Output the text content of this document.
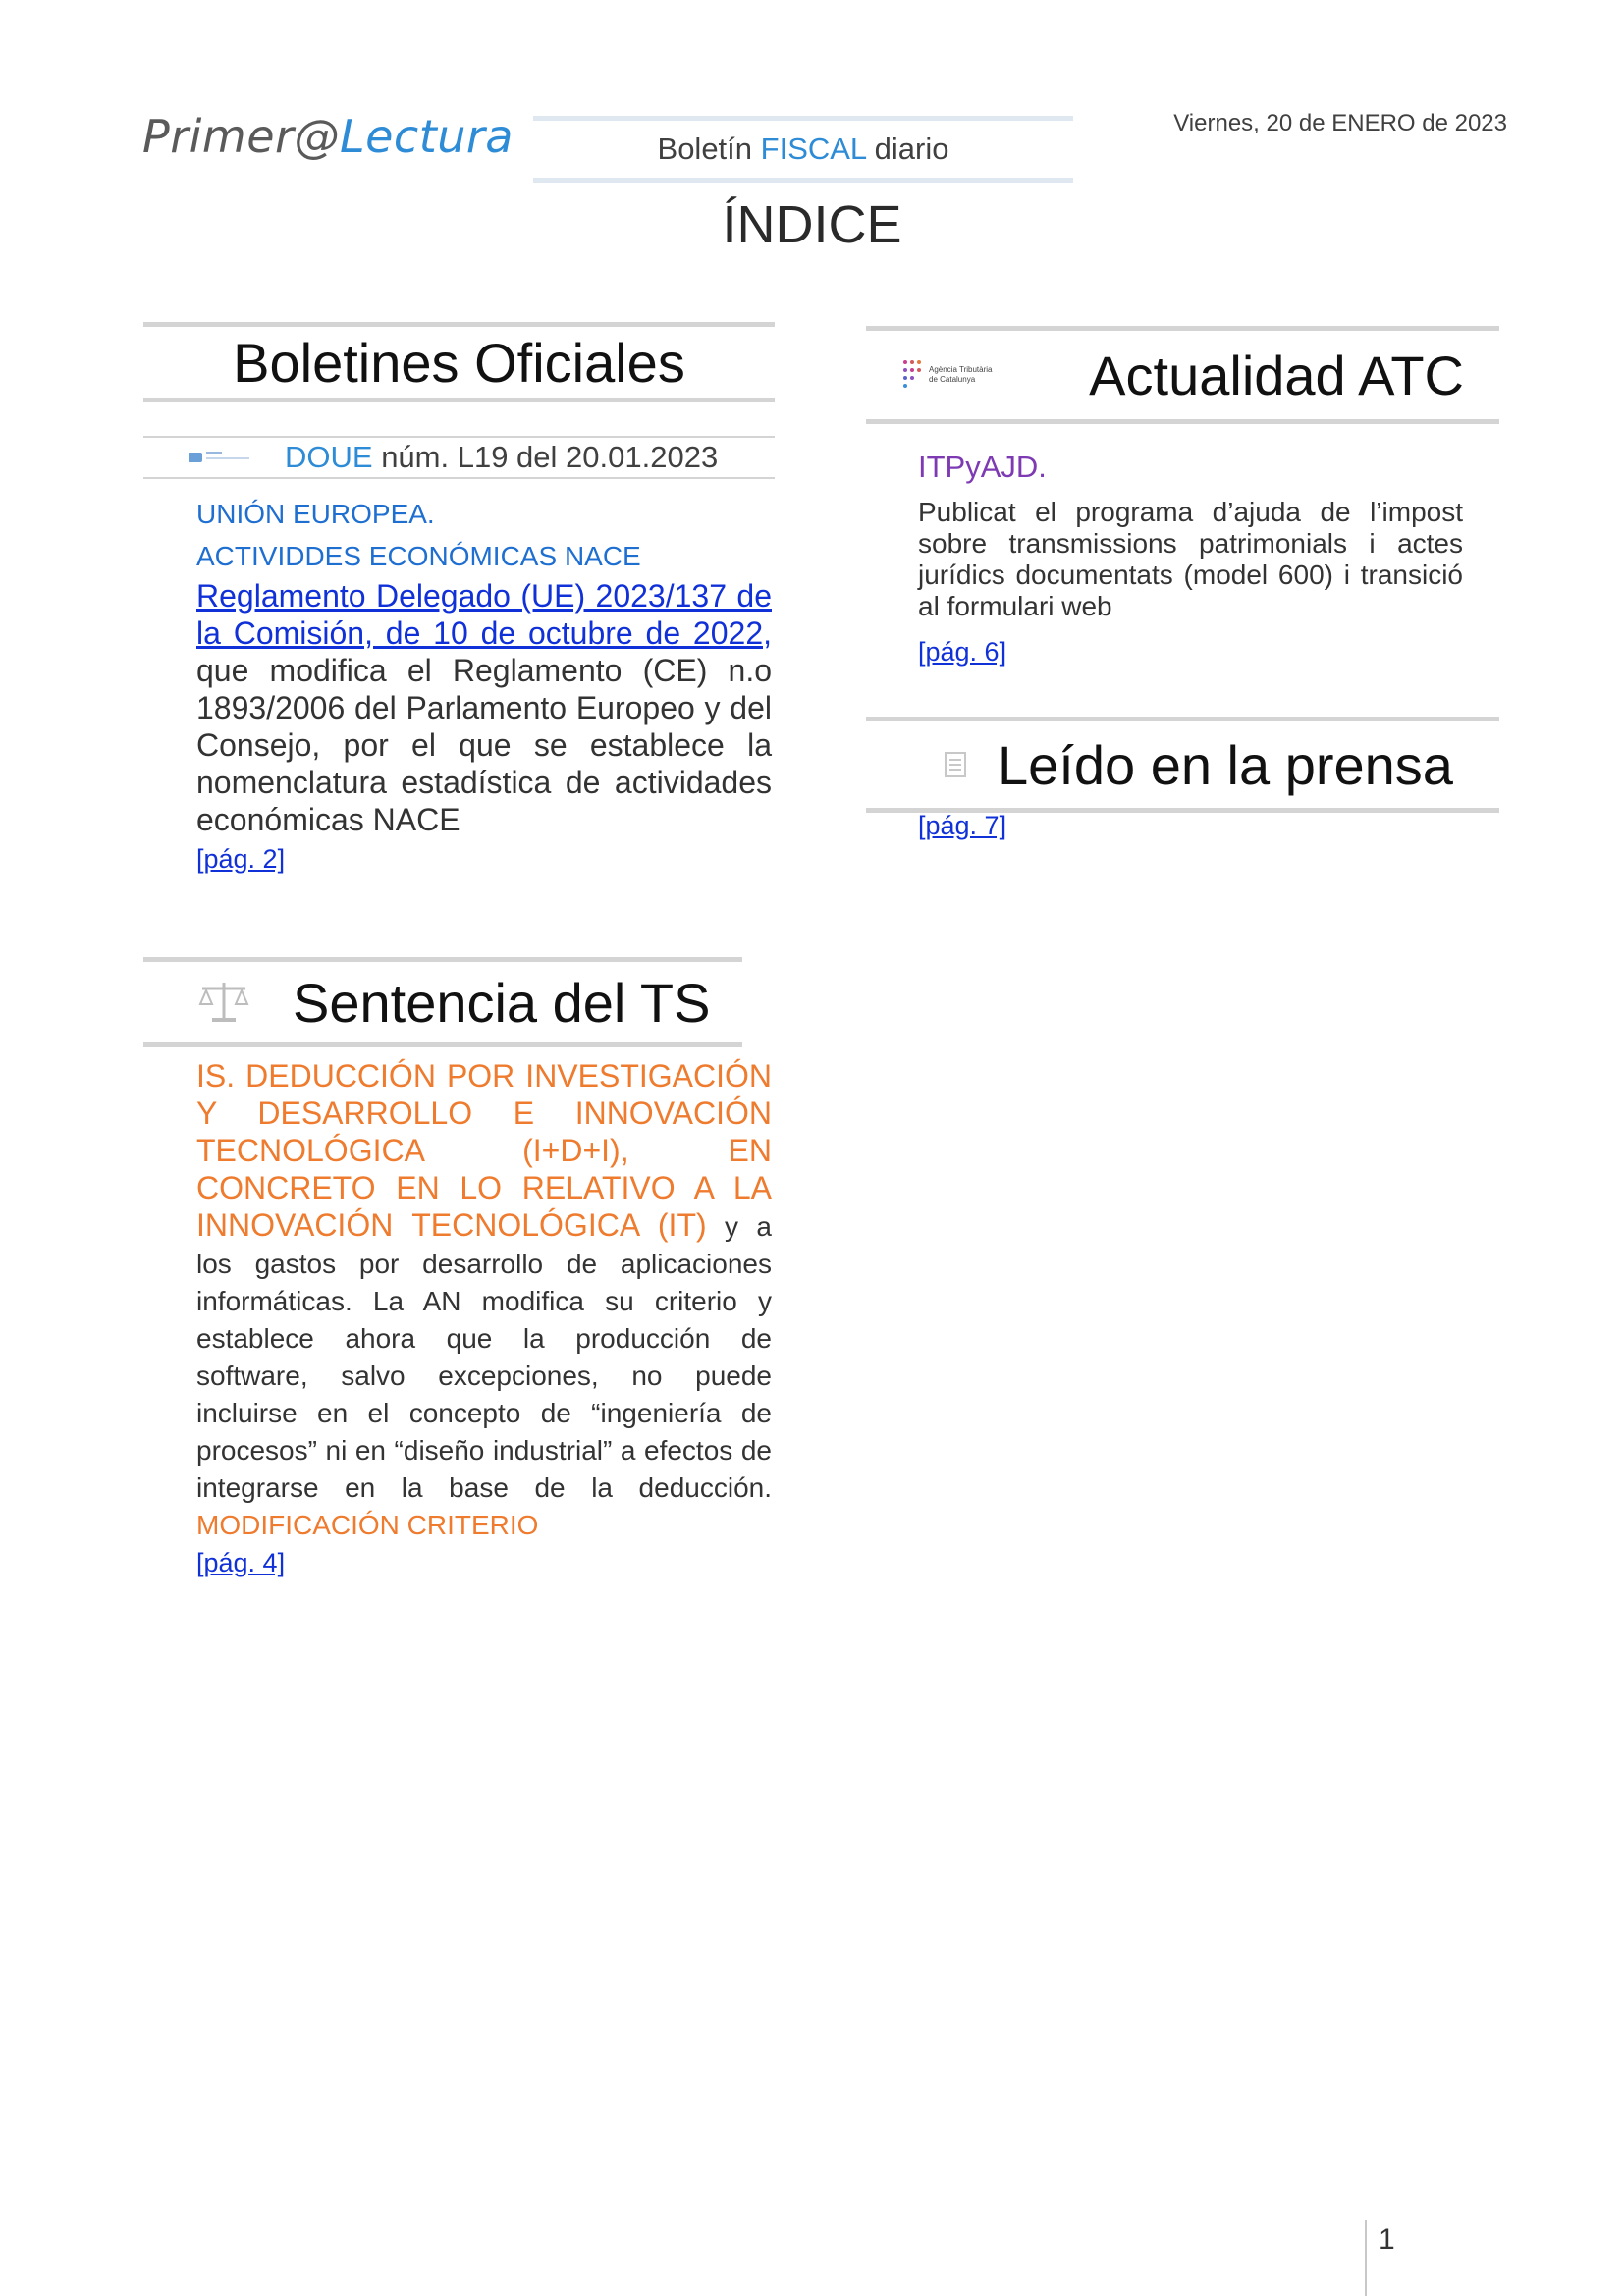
Primer@Lectura	Boletín FISCAL diario
Viernes, 20 de ENERO de 2023
ÍNDICE
Boletines Oficiales
DOUE núm. L19 del 20.01.2023
UNIÓN EUROPEA.
ACTIVIDDES ECONÓMICAS NACE
Reglamento Delegado (UE) 2023/137 de la Comisión, de 10 de octubre de 2022, que modifica el Reglamento (CE) n.o 1893/2006 del Parlamento Europeo y del Consejo, por el que se establece la nomenclatura estadística de actividades económicas NACE
[pág. 2]
Sentencia del TS
IS. DEDUCCIÓN POR INVESTIGACIÓN Y DESARROLLO E INNOVACIÓN TECNOLÓGICA (I+D+I), EN CONCRETO EN LO RELATIVO A LA INNOVACIÓN TECNOLÓGICA (IT) y a los gastos por desarrollo de aplicaciones informáticas. La AN modifica su criterio y establece ahora que la producción de software, salvo excepciones, no puede incluirse en el concepto de “ingeniería de procesos” ni en “diseño industrial” a efectos de integrarse en la base de la deducción. MODIFICACIÓN CRITERIO
[pág. 4]
Agència Tributària
de Catalunya	Actualidad ATC
ITPyAJD.
Publicat el programa d’ajuda de l’impost sobre transmissions patrimonials i actes jurídics documentats (model 600) i transició al formulari web
[pág. 6]
Leído en la prensa
[pág. 7]
1
